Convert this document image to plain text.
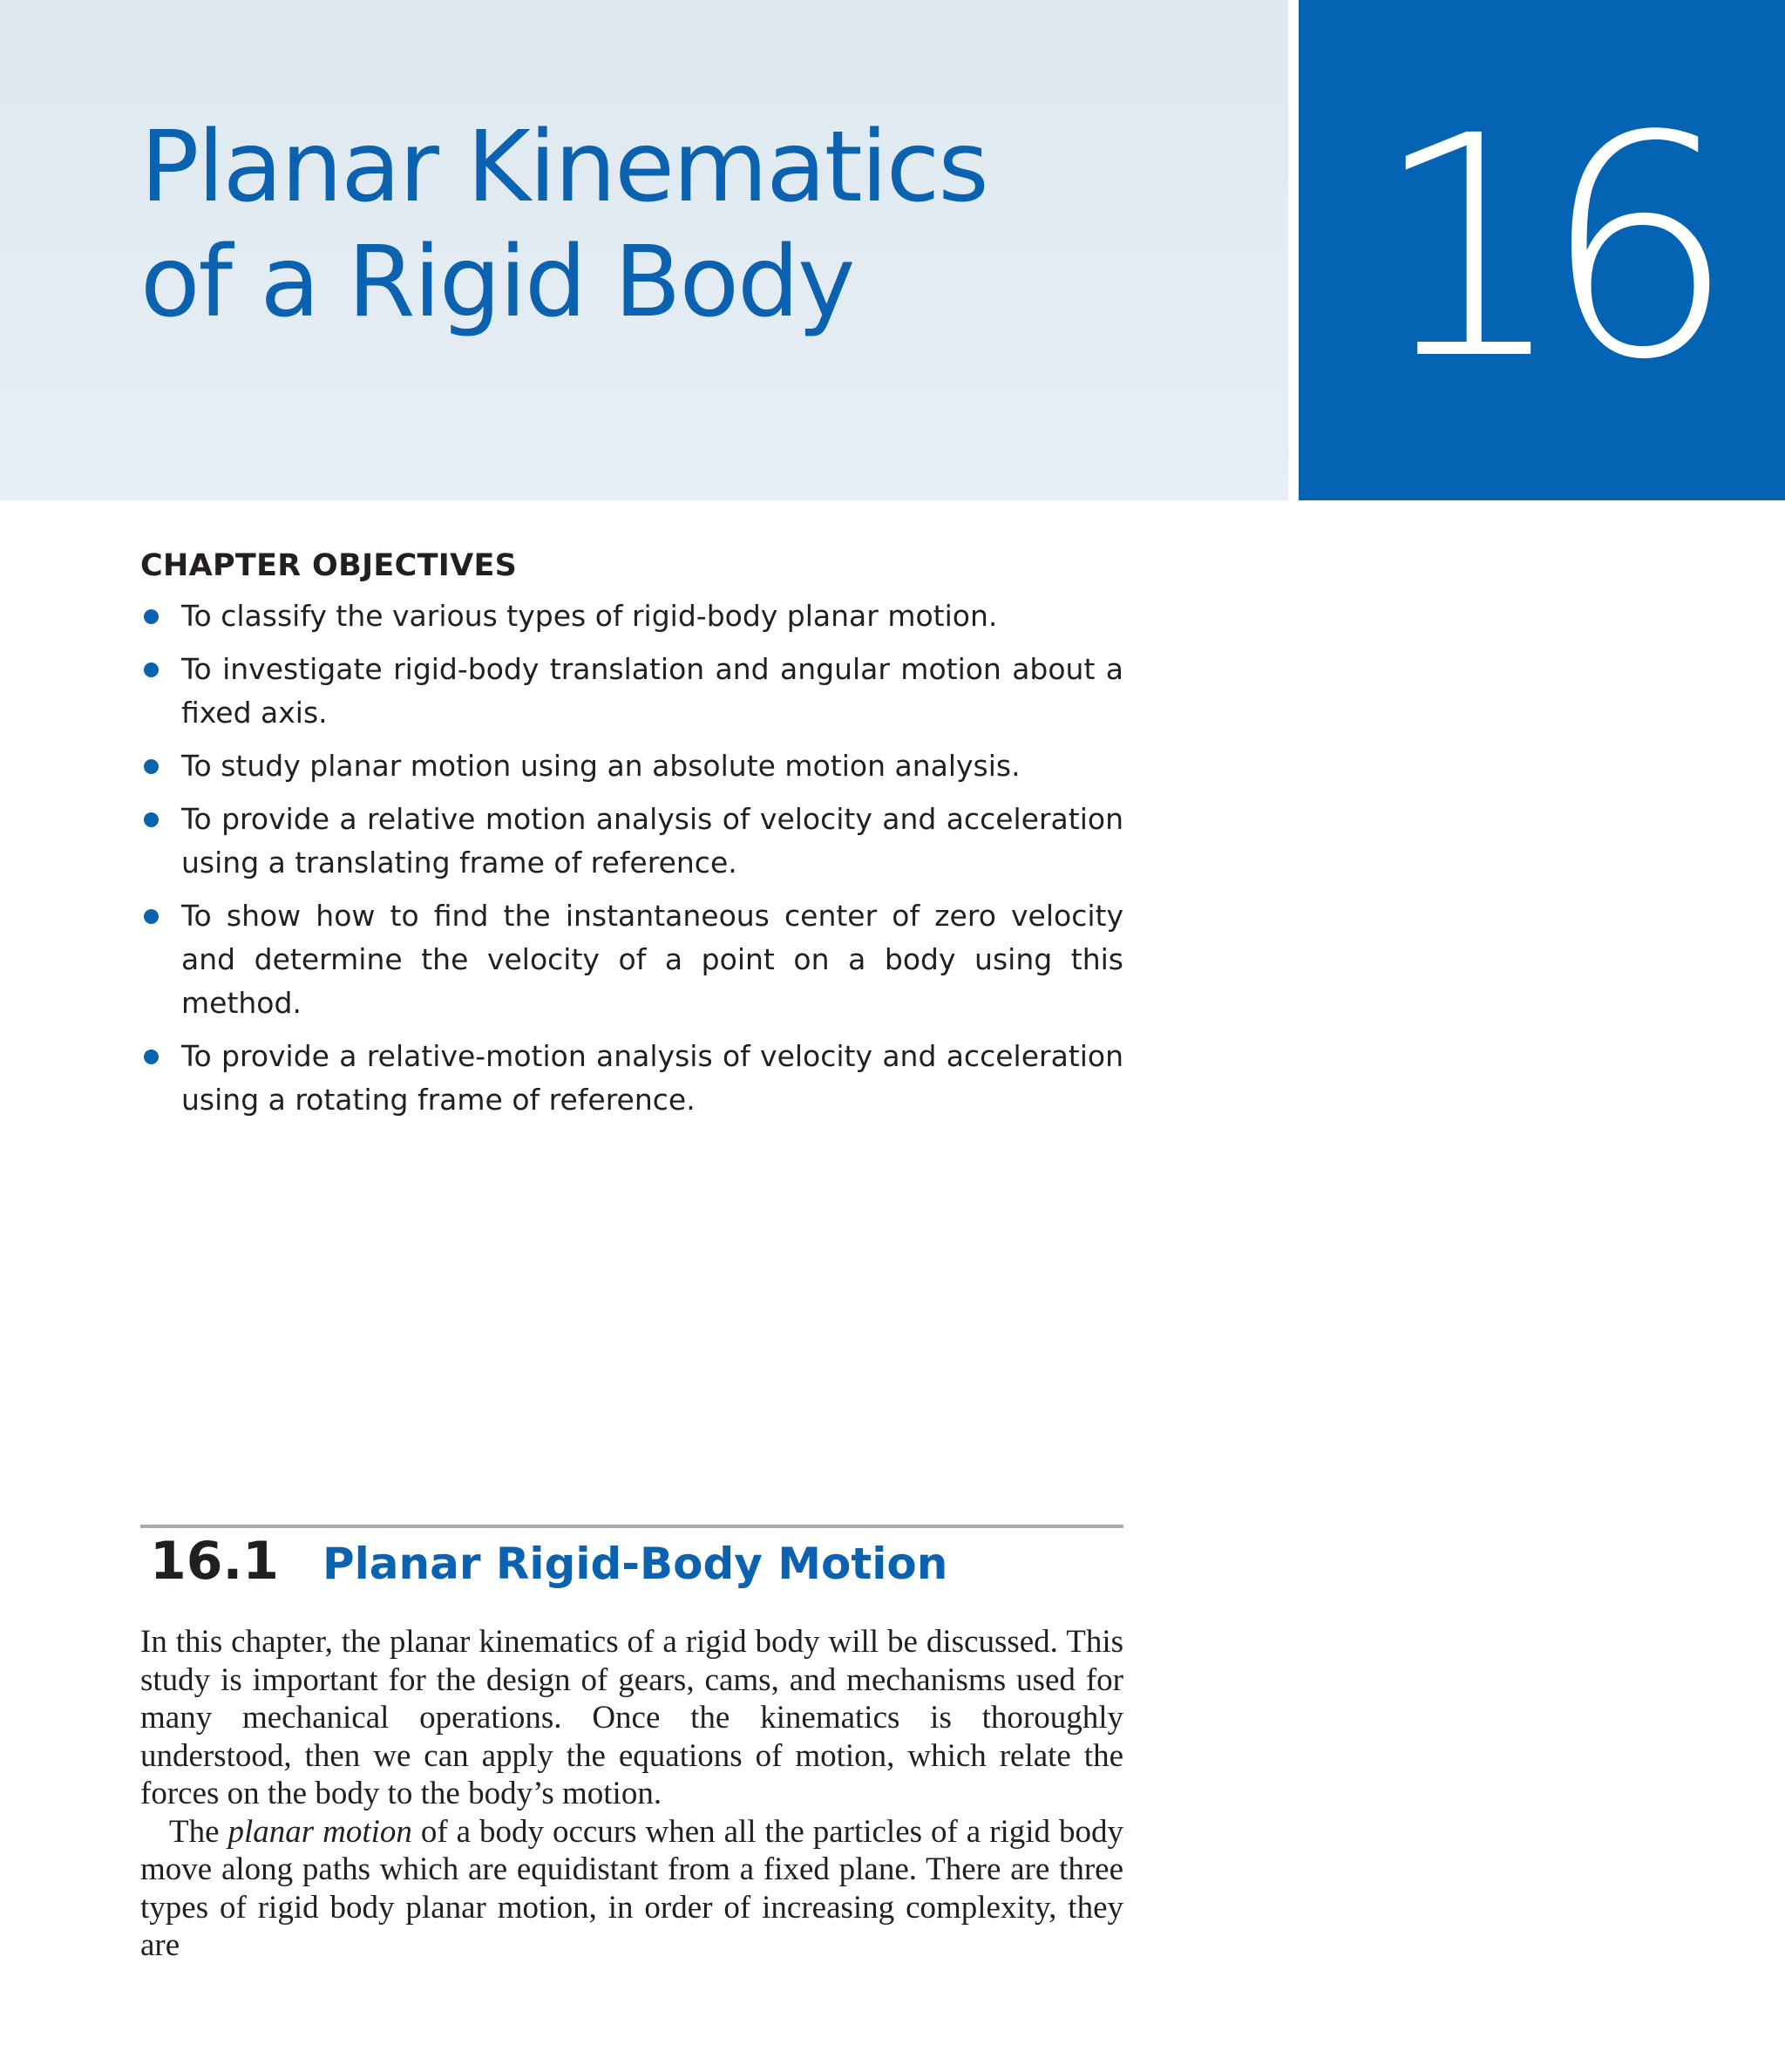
Planar Kinematics
of a Rigid Body	16
CHAPTER OBJECTIVES
To classify the various types of rigid-body planar motion.
To investigate rigid-body translation and angular motion about a fixed axis.
To study planar motion using an absolute motion analysis.
To provide a relative motion analysis of velocity and acceleration using a translating frame of reference.
To show how to find the instantaneous center of zero velocity and determine the velocity of a point on a body using this method.
To provide a relative-motion analysis of velocity and acceleration using a rotating frame of reference.
16.1 Planar Rigid-Body Motion

In this chapter, the planar kinematics of a rigid body will be discussed. This study is important for the design of gears, cams, and mechanisms used for many mechanical operations. Once the kinematics is thoroughly understood, then we can apply the equations of motion, which relate the forces on the body to the body’s motion.

The planar motion of a body occurs when all the particles of a rigid body move along paths which are equidistant from a fixed plane. There are three types of rigid body planar motion, in order of increasing complexity, they are
